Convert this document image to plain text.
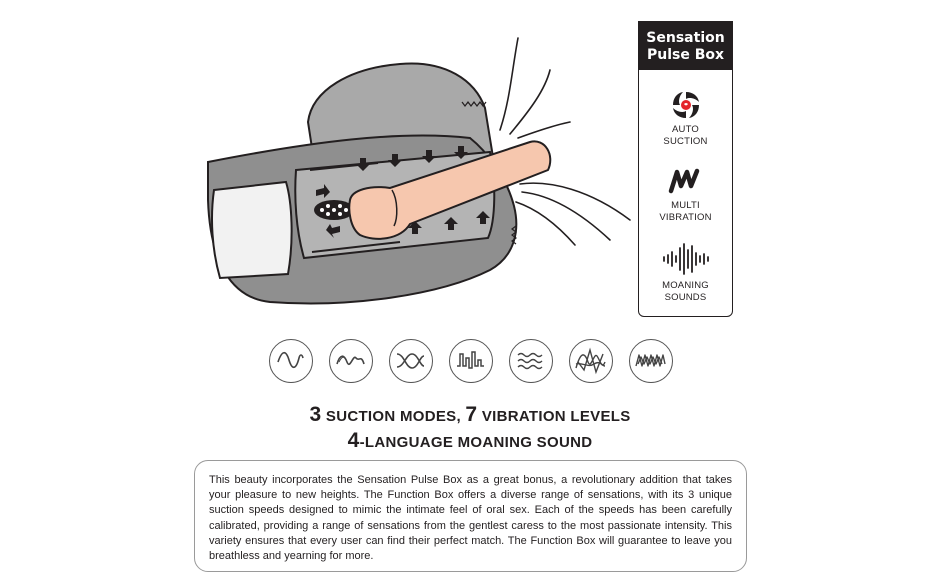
Sensation
Pulse Box
AUTO
SUCTION
MULTI
VIBRATION
MOANING
SOUNDS
3 SUCTION MODES, 7 VIBRATION LEVELS
4-LANGUAGE MOANING SOUND

This beauty incorporates the Sensation Pulse Box as a great bonus, a revolutionary addition that takes your pleasure to new heights. The Function Box offers a diverse range of sensations, with its 3 unique suction speeds designed to mimic the intimate feel of oral sex. Each of the speeds has been carefully calibrated, providing a range of sensations from the gentlest caress to the most passionate intensity. This variety ensures that every user can find their perfect match. The Function Box will guarantee to leave you breathless and yearning for more.
